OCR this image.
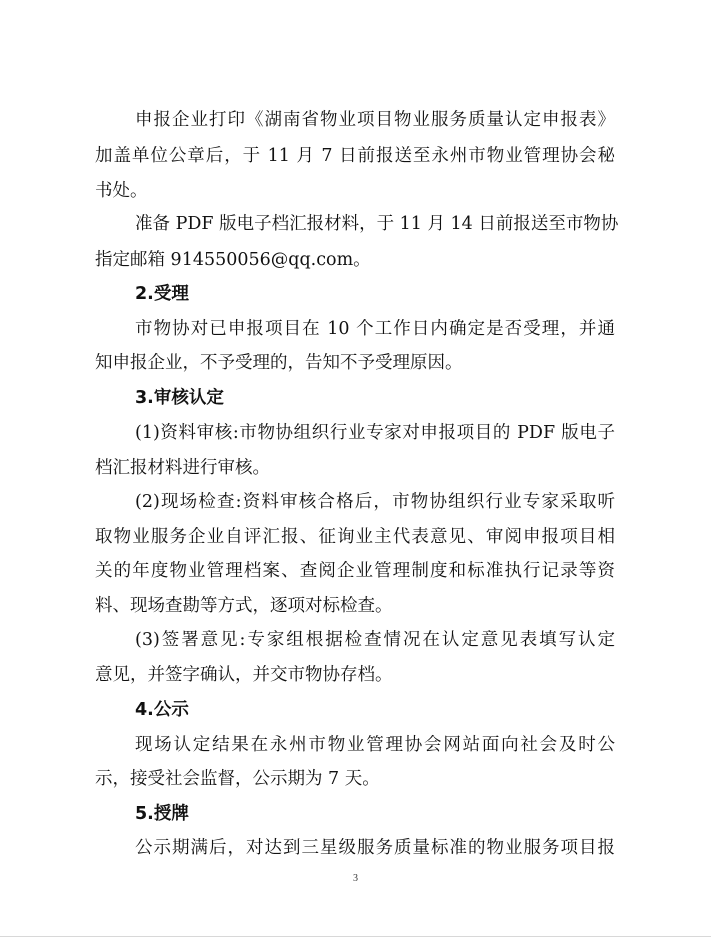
申报企业打印《湖南省物业项目物业服务质量认定申报表》
加盖单位公章后，于 11 月 7 日前报送至永州市物业管理协会秘
书处。
准备 PDF 版电子档汇报材料，于 11 月 14 日前报送至市物协
指定邮箱 914550056@qq.com。
2.受理
市物协对已申报项目在 10 个工作日内确定是否受理，并通
知申报企业，不予受理的，告知不予受理原因。
3.审核认定
(1)资料审核:市物协组织行业专家对申报项目的 PDF 版电子
档汇报材料进行审核。
(2)现场检查:资料审核合格后，市物协组织行业专家采取听
取物业服务企业自评汇报、征询业主代表意见、审阅申报项目相
关的年度物业管理档案、查阅企业管理制度和标准执行记录等资
料、现场查勘等方式，逐项对标检查。
(3)签署意见:专家组根据检查情况在认定意见表填写认定
意见，并签字确认，并交市物协存档。
4.公示
现场认定结果在永州市物业管理协会网站面向社会及时公
示，接受社会监督，公示期为 7 天。
5.授牌
公示期满后，对达到三星级服务质量标准的物业服务项目报
3
